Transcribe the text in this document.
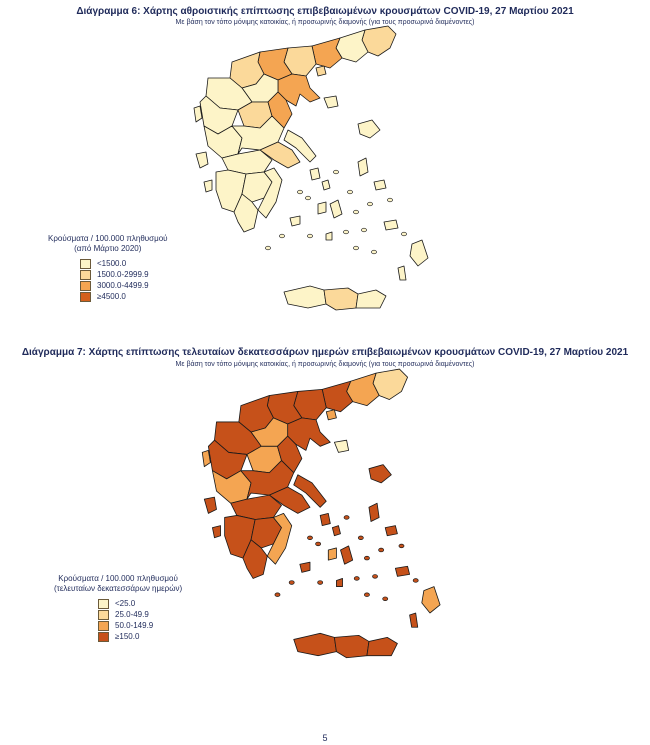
Διάγραμμα 6: Χάρτης αθροιστικής επίπτωσης επιβεβαιωμένων κρουσμάτων COVID-19, 27 Μαρτίου 2021
Με βάση τον τόπο μόνιμης κατοικίας, ή προσωρινής διαμονής (για τους προσωρινά διαμένοντες)
Κρούσματα / 100.000 πληθυσμού
(από Μάρτιο 2020)
<1500.0
1500.0-2999.9
3000.0-4499.9
≥4500.0
Διάγραμμα 7: Χάρτης επίπτωσης τελευταίων δεκατεσσάρων ημερών επιβεβαιωμένων κρουσμάτων COVID-19, 27 Μαρτίου 2021
Με βάση τον τόπο μόνιμης κατοικίας, ή προσωρινής διαμονής (για τους προσωρινά διαμένοντες)
Κρούσματα / 100.000 πληθυσμού
(τελευταίων δεκατεσσάρων ημερών)
<25.0
25.0-49.9
50.0-149.9
≥150.0
5
